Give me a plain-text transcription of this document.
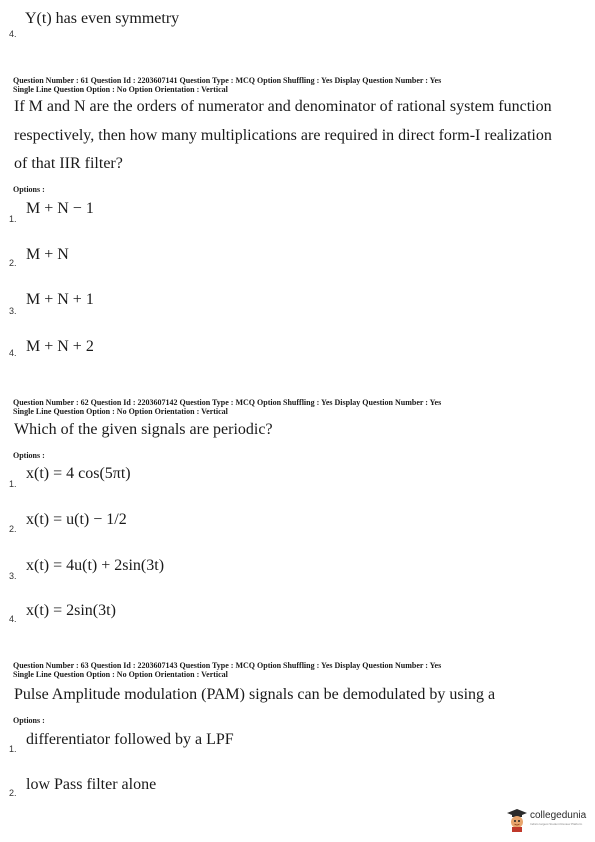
4.
Y(t) has even symmetry
Question Number : 61 Question Id : 2203607141 Question Type : MCQ Option Shuffling : Yes Display Question Number : Yes
Single Line Question Option : No Option Orientation : Vertical
If M and N are the orders of numerator and denominator of rational system function
respectively, then how many multiplications are required in direct form-I realization
of that IIR filter?
Options :
1.
M + N − 1
2. M + N
3.
M + N + 1
4. M + N + 2
Question Number : 62 Question Id : 2203607142 Question Type : MCQ Option Shuffling : Yes Display Question Number : Yes
Single Line Question Option : No Option Orientation : Vertical
Which of the given signals are periodic?
Options :
1.
x(t) = 4 cos(5πt)
2.
x(t) = u(t) − 1/2
3.
x(t) = 4u(t) + 2sin(3t)
4. x(t) = 2sin(3t)
Question Number : 63 Question Id : 2203607143 Question Type : MCQ Option Shuffling : Yes Display Question Number : Yes
Single Line Question Option : No Option Orientation : Vertical
Pulse Amplitude modulation (PAM) signals can be demodulated by using a
Options :
1.
differentiator followed by a LPF
2. low Pass filter alone
collegedunia
India's largest Student Review Platform
